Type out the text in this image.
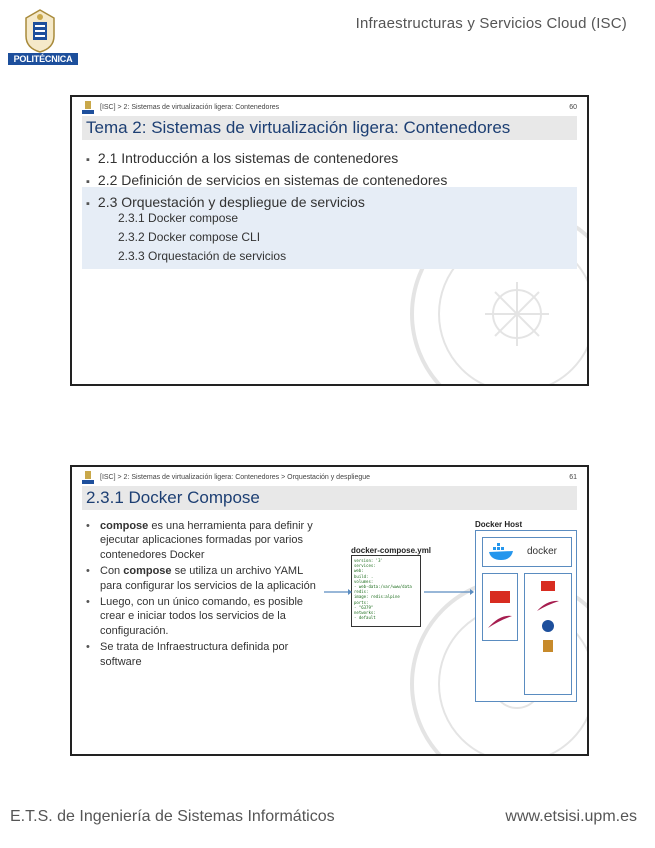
POLITÉCNICA
Infraestructuras y Servicios Cloud (ISC)
[ISC] > 2: Sistemas de virtualización ligera: Contenedores	60
Tema 2: Sistemas de virtualización ligera: Contenedores
▪ 2.1 Introducción a los sistemas de contenedores
▪ 2.2 Definición de servicios en sistemas de contenedores
▪ 2.3 Orquestación y despliegue de servicios
2.3.1 Docker compose
2.3.2 Docker compose CLI
2.3.3 Orquestación de servicios
[ISC] > 2: Sistemas de virtualización ligera: Contenedores > Orquestación y despliegue	61
2.3.1 Docker Compose
• compose es una herramienta para definir y ejecutar aplicaciones formadas por varios contenedores Docker
• Con compose se utiliza un archivo YAML para configurar los servicios de la aplicación
• Luego, con un único comando, es posible crear e iniciar todos los servicios de la configuración.
• Se trata de Infraestructura definida por software
docker-compose.yml
version: '3'
services:
web:
build: .
volumes:
- web-data:/var/www/data
redis:
image: redis:alpine
ports:
- "6379"
networks:
- default
Docker Host
docker
E.T.S. de Ingeniería de Sistemas Informáticos	www.etsisi.upm.es
